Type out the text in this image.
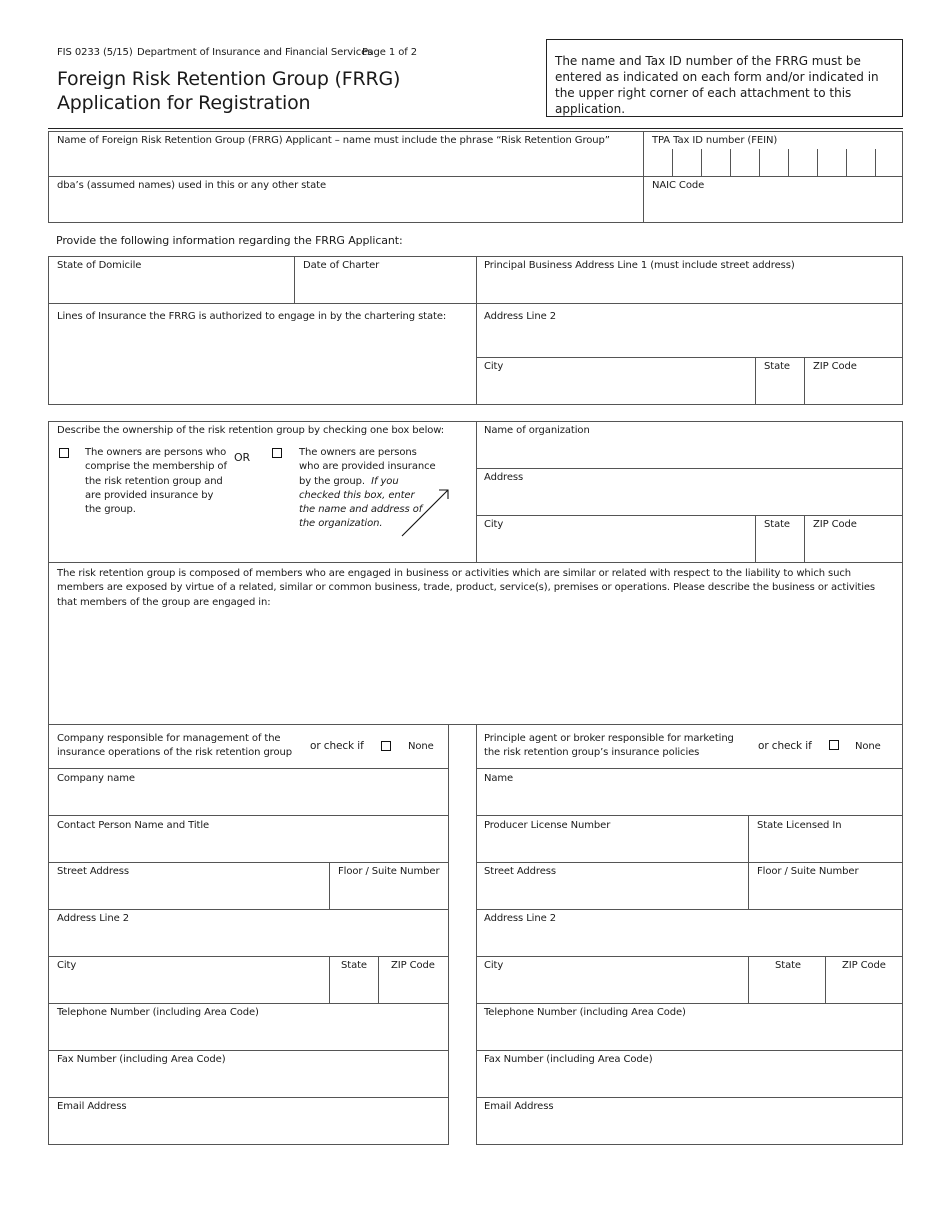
FIS 0233 (5/15) Department of Insurance and Financial Services
Page 1 of 2
Foreign Risk Retention Group (FRRG)
Application for Registration
The name and Tax ID number of the FRRG must be entered as indicated on each form and/or indicated in the upper right corner of each attachment to this application.
Name of Foreign Risk Retention Group (FRRG) Applicant – name must include the phrase “Risk Retention Group”	TPA Tax ID number (FEIN)
dba’s (assumed names) used in this or any other state	NAIC Code
Provide the following information regarding the FRRG Applicant:
State of Domicile	Date of Charter	Principal Business Address Line 1 (must include street address)
Lines of Insurance the FRRG is authorized to engage in by the chartering state:	Address Line 2
City	State ZIP Code
Describe the ownership of the risk retention group by checking one box below:
The owners are persons who
comprise the membership of
the risk retention group and
are provided insurance by
the group.
OR	The owners are persons
who are provided insurance
by the group. If you
checked this box, enter
the name and address of
the organization.
Name of organization
Address
City	State ZIP Code
The risk retention group is composed of members who are engaged in business or activities which are similar or related with respect to the liability to which such members are exposed by virtue of a related, similar or common business, trade, product, service(s), premises or operations. Please describe the business or activities that members of the group are engaged in:
Company responsible for management of the
insurance operations of the risk retention group
or check if	None
Company name
Contact Person Name and Title
Street Address	Floor / Suite Number
Address Line 2
City	State ZIP Code
Telephone Number (including Area Code)
Fax Number (including Area Code)
Email Address
Principle agent or broker responsible for marketing
the risk retention group’s insurance policies
or check if	None
Name
Producer License Number	State Licensed In
Street Address	Floor / Suite Number
Address Line 2
City	State	ZIP Code
Telephone Number (including Area Code)
Fax Number (including Area Code)
Email Address
